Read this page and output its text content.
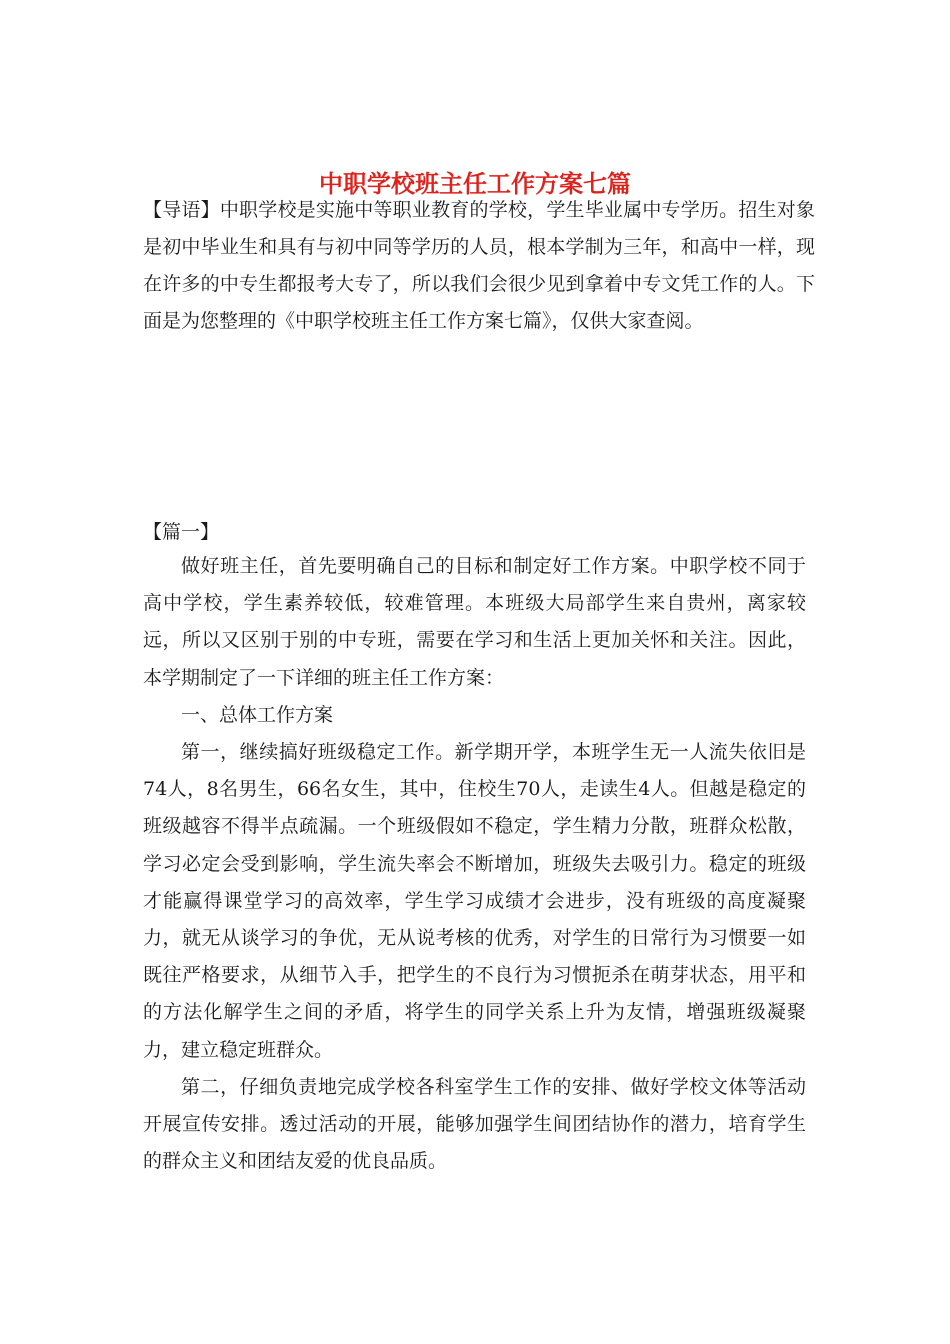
中职学校班主任工作方案七篇

【导语】中职学校是实施中等职业教育的学校，学生毕业属中专学历。招生对象是初中毕业生和具有与初中同等学历的人员，根本学制为三年，和高中一样，现在许多的中专生都报考大专了，所以我们会很少见到拿着中专文凭工作的人。下面是为您整理的《中职学校班主任工作方案七篇》，仅供大家查阅。

【篇一】

做好班主任，首先要明确自己的目标和制定好工作方案。中职学校不同于高中学校，学生素养较低，较难管理。本班级大局部学生来自贵州，离家较远，所以又区别于别的中专班，需要在学习和生活上更加关怀和关注。因此，本学期制定了一下详细的班主任工作方案：

一、总体工作方案

第一，继续搞好班级稳定工作。新学期开学，本班学生无一人流失依旧是74人，8名男生，66名女生，其中，住校生70人，走读生4人。但越是稳定的班级越容不得半点疏漏。一个班级假如不稳定，学生精力分散，班群众松散，学习必定会受到影响，学生流失率会不断增加，班级失去吸引力。稳定的班级才能赢得课堂学习的高效率，学生学习成绩才会进步，没有班级的高度凝聚力，就无从谈学习的争优，无从说考核的优秀，对学生的日常行为习惯要一如既往严格要求，从细节入手，把学生的不良行为习惯扼杀在萌芽状态，用平和的方法化解学生之间的矛盾，将学生的同学关系上升为友情，增强班级凝聚力，建立稳定班群众。

第二，仔细负责地完成学校各科室学生工作的安排、做好学校文体等活动开展宣传安排。透过活动的开展，能够加强学生间团结协作的潜力，培育学生的群众主义和团结友爱的优良品质。
